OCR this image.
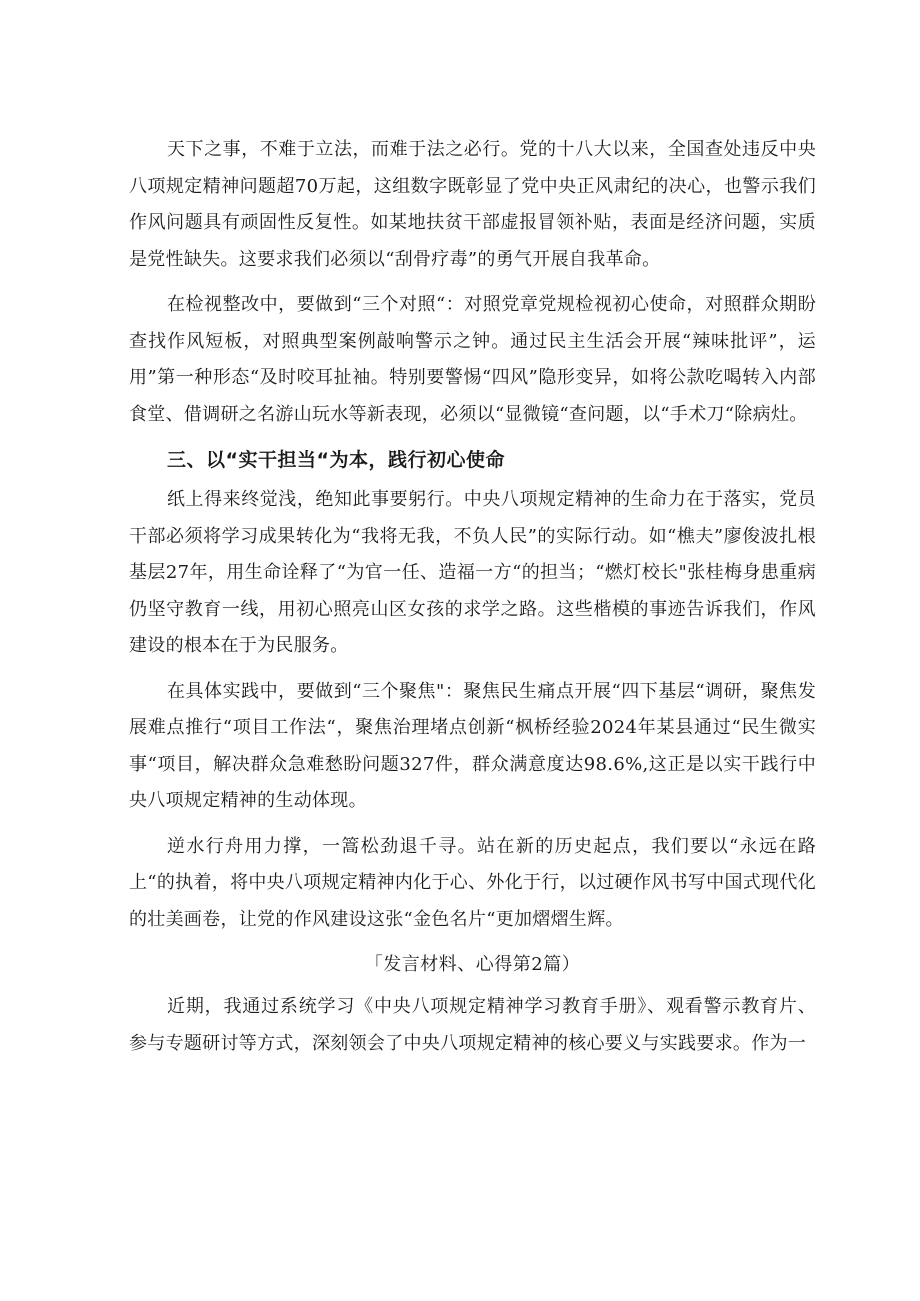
天下之事，不难于立法，而难于法之必行。党的十八大以来，全国查处违反中央八项规定精神问题超70万起，这组数字既彰显了党中央正风肃纪的决心，也警示我们作风问题具有顽固性反复性。如某地扶贫干部虚报冒领补贴，表面是经济问题，实质是党性缺失。这要求我们必须以“刮骨疗毒”的勇气开展自我革命。

在检视整改中，要做到“三个对照“：对照党章党规检视初心使命，对照群众期盼查找作风短板，对照典型案例敲响警示之钟。通过民主生活会开展“辣味批评”，运用”第一种形态“及时咬耳扯袖。特别要警惕“四风”隐形变异，如将公款吃喝转入内部食堂、借调研之名游山玩水等新表现，必须以“显微镜“查问题，以“手术刀“除病灶。

三、以“实干担当“为本，践行初心使命

纸上得来终觉浅，绝知此事要躬行。中央八项规定精神的生命力在于落实，党员干部必须将学习成果转化为“我将无我，不负人民”的实际行动。如“樵夫”廖俊波扎根基层27年，用生命诠释了“为官一任、造福一方“的担当；“燃灯校长"张桂梅身患重病仍坚守教育一线，用初心照亮山区女孩的求学之路。这些楷模的事迹告诉我们，作风建设的根本在于为民服务。

在具体实践中，要做到“三个聚焦"：聚焦民生痛点开展“四下基层“调研，聚焦发展难点推行“项目工作法“，聚焦治理堵点创新“枫桥经验2024年某县通过“民生微实事“项目，解决群众急难愁盼问题327件，群众满意度达98.6%,这正是以实干践行中央八项规定精神的生动体现。

逆水行舟用力撑，一篙松劲退千寻。站在新的历史起点，我们要以“永远在路上“的执着，将中央八项规定精神内化于心、外化于行，以过硬作风书写中国式现代化的壮美画卷，让党的作风建设这张“金色名片“更加熠熠生辉。

「发言材料、心得第2篇）

近期，我通过系统学习《中央八项规定精神学习教育手册》、观看警示教育片、参与专题研讨等方式，深刻领会了中央八项规定精神的核心要义与实践要求。作为一
